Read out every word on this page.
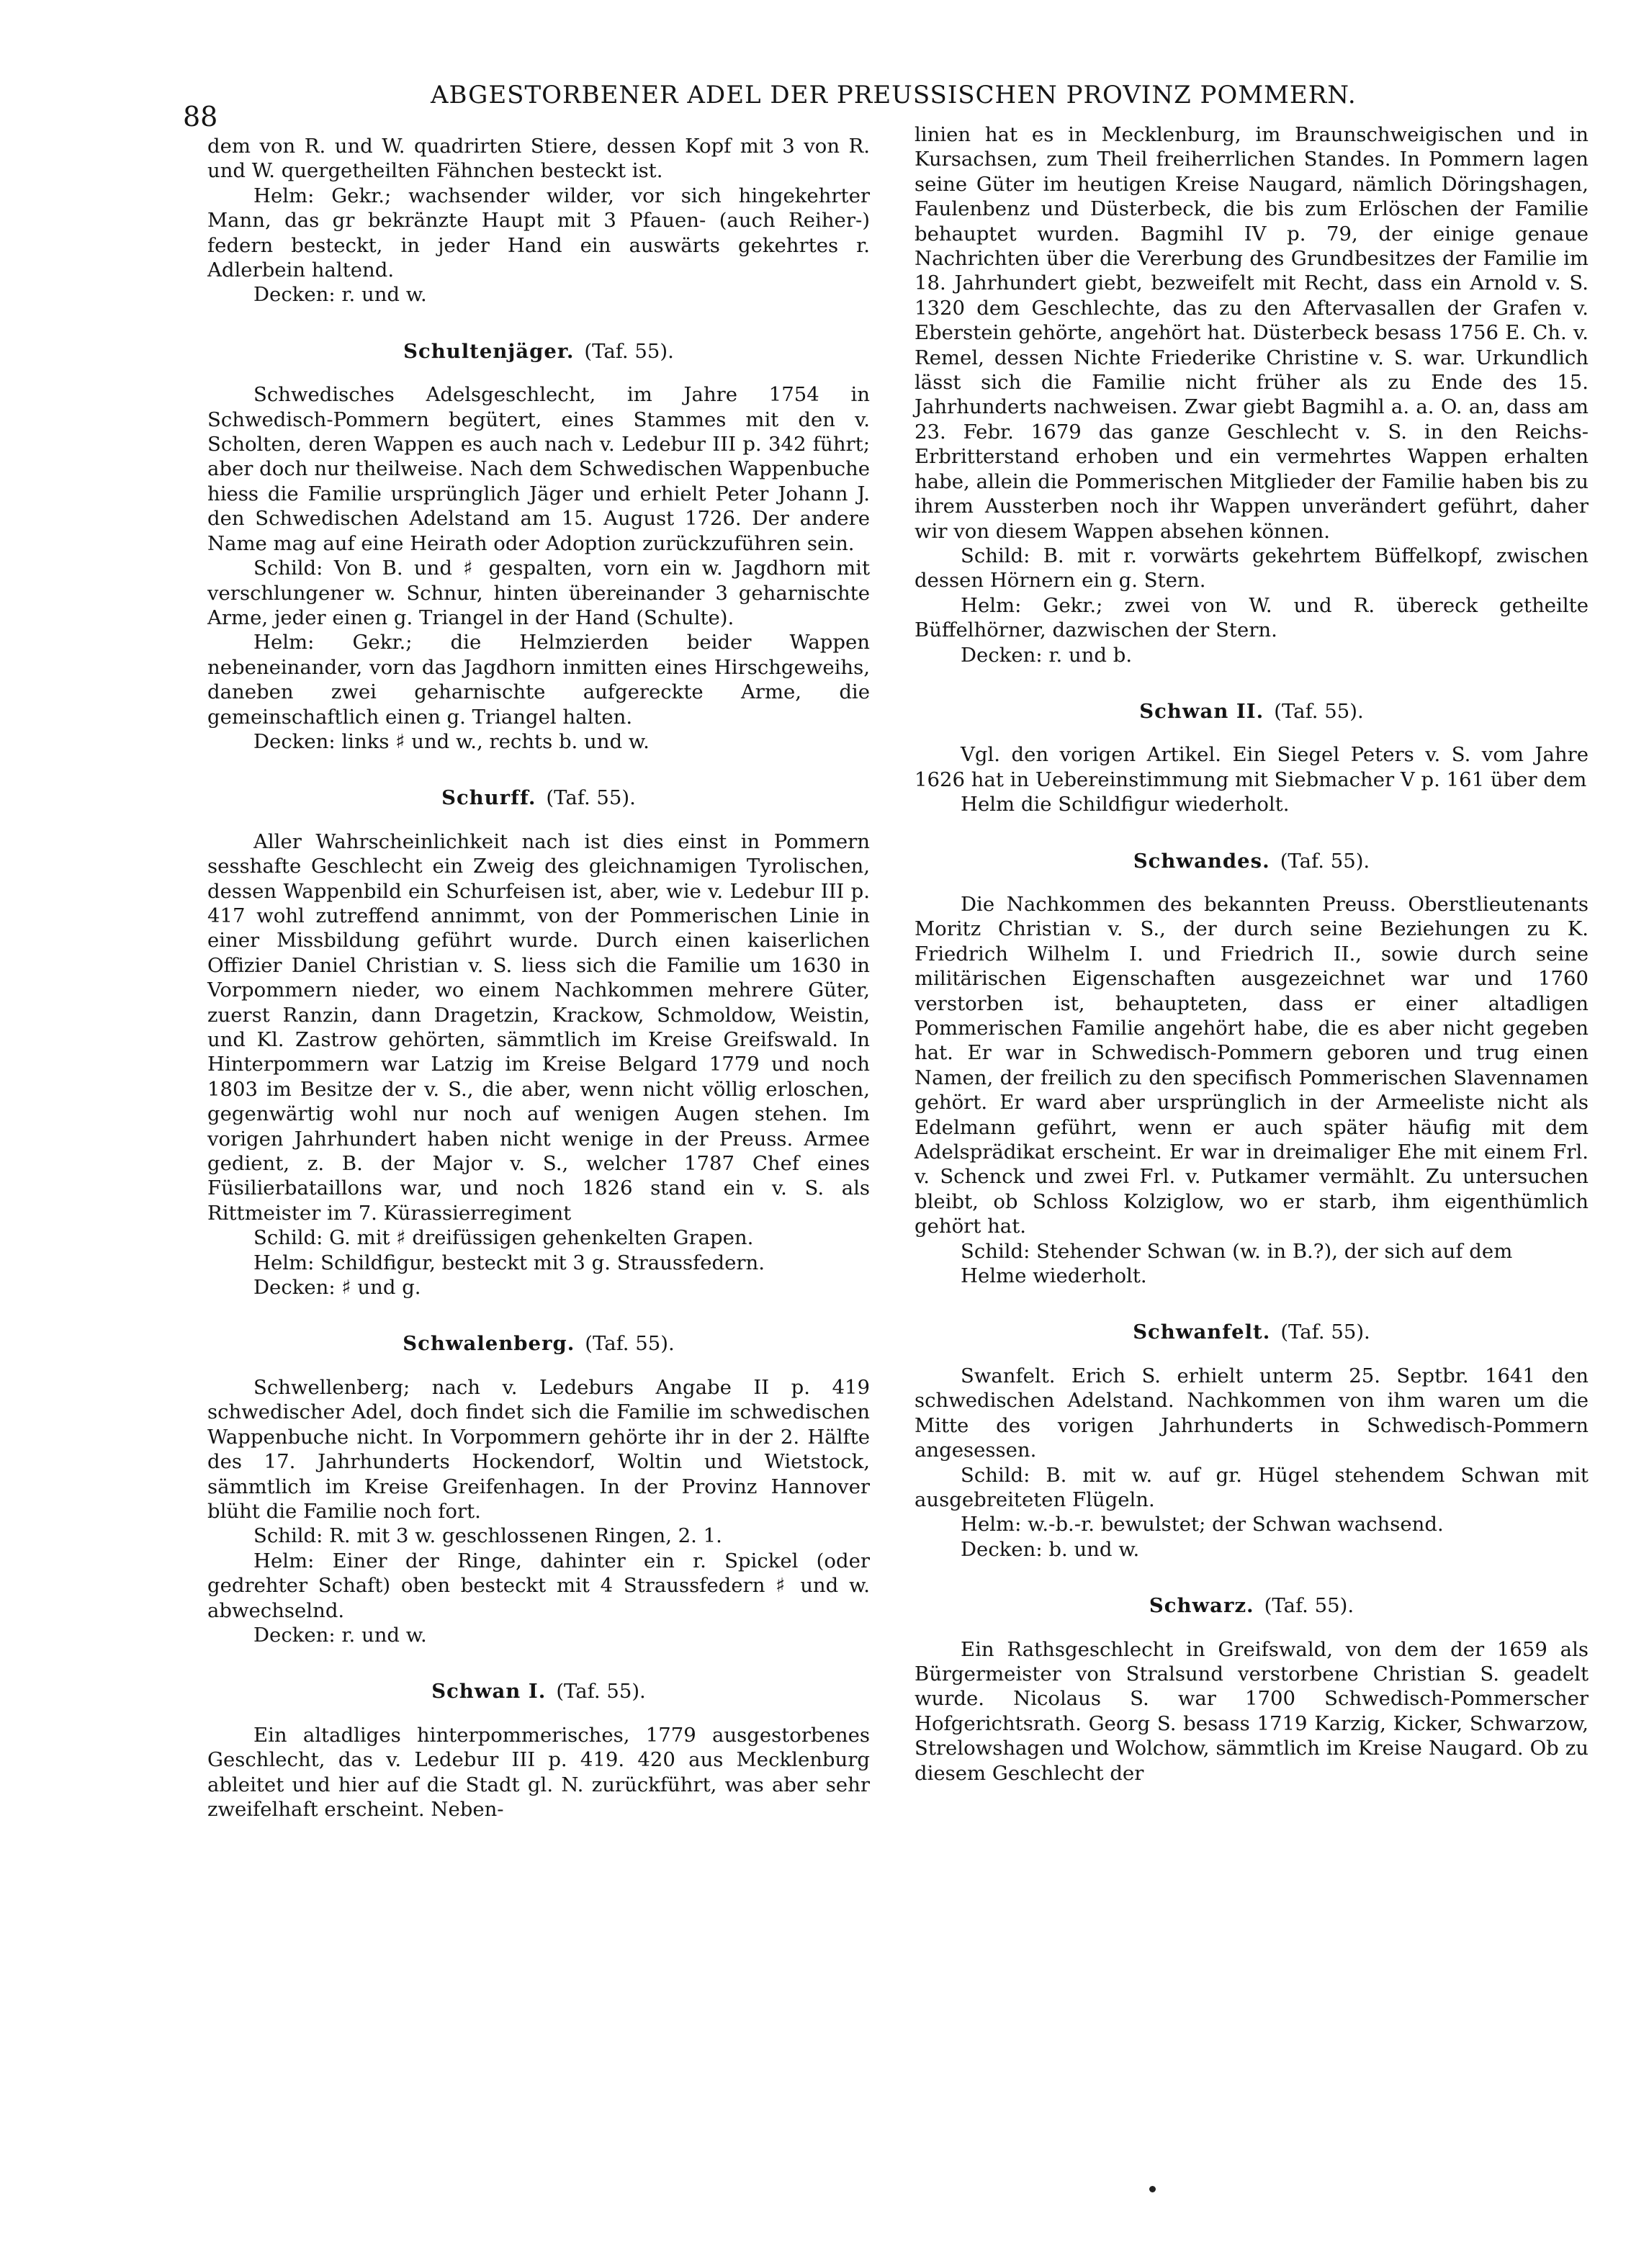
88
ABGESTORBENER ADEL DER PREUSSISCHEN PROVINZ POMMERN.

dem von R. und W. quadrirten Stiere, dessen Kopf mit 3 von R. und W. quergetheilten Fähnchen besteckt ist.

Helm: Gekr.; wachsender wilder, vor sich hingekehrter Mann, das gr bekränzte Haupt mit 3 Pfauen- (auch Reiher-) federn besteckt, in jeder Hand ein auswärts gekehrtes r. Adlerbein haltend.

Decken: r. und w.

Schultenjäger. (Taf. 55).

Schwedisches Adelsgeschlecht, im Jahre 1754 in Schwedisch-Pommern begütert, eines Stammes mit den v. Scholten, deren Wappen es auch nach v. Ledebur III p. 342 führt; aber doch nur theilweise. Nach dem Schwedischen Wappenbuche hiess die Familie ursprünglich Jäger und erhielt Peter Johann J. den Schwedischen Adelstand am 15. August 1726. Der andere Name mag auf eine Heirath oder Adoption zurückzuführen sein.

Schild: Von B. und ♯ gespalten, vorn ein w. Jagdhorn mit verschlungener w. Schnur, hinten übereinander 3 geharnischte Arme, jeder einen g. Triangel in der Hand (Schulte).

Helm: Gekr.; die Helmzierden beider Wappen nebeneinander, vorn das Jagdhorn inmitten eines Hirschgeweihs, daneben zwei geharnischte aufgereckte Arme, die gemeinschaftlich einen g. Triangel halten.

Decken: links ♯ und w., rechts b. und w.

Schurff. (Taf. 55).

Aller Wahrscheinlichkeit nach ist dies einst in Pommern sesshafte Geschlecht ein Zweig des gleichnamigen Tyrolischen, dessen Wappenbild ein Schurfeisen ist, aber, wie v. Ledebur III p. 417 wohl zutreffend annimmt, von der Pommerischen Linie in einer Missbildung geführt wurde. Durch einen kaiserlichen Offizier Daniel Christian v. S. liess sich die Familie um 1630 in Vorpommern nieder, wo einem Nachkommen mehrere Güter, zuerst Ranzin, dann Dragetzin, Krackow, Schmoldow, Weistin, und Kl. Zastrow gehörten, sämmtlich im Kreise Greifswald. In Hinterpommern war Latzig im Kreise Belgard 1779 und noch 1803 im Besitze der v. S., die aber, wenn nicht völlig erloschen, gegenwärtig wohl nur noch auf wenigen Augen stehen. Im vorigen Jahrhundert haben nicht wenige in der Preuss. Armee gedient, z. B. der Major v. S., welcher 1787 Chef eines Füsilierbataillons war, und noch 1826 stand ein v. S. als Rittmeister im 7. Kürassierregiment

Schild: G. mit ♯ dreifüssigen gehenkelten Grapen.

Helm: Schildfigur, besteckt mit 3 g. Straussfedern.

Decken: ♯ und g.

Schwalenberg. (Taf. 55).

Schwellenberg; nach v. Ledeburs Angabe II p. 419 schwedischer Adel, doch findet sich die Familie im schwedischen Wappenbuche nicht. In Vorpommern gehörte ihr in der 2. Hälfte des 17. Jahrhunderts Hockendorf, Woltin und Wietstock, sämmtlich im Kreise Greifenhagen. In der Provinz Hannover blüht die Familie noch fort.

Schild: R. mit 3 w. geschlossenen Ringen, 2. 1.

Helm: Einer der Ringe, dahinter ein r. Spickel (oder gedrehter Schaft) oben besteckt mit 4 Straussfedern ♯ und w. abwechselnd.

Decken: r. und w.

Schwan I. (Taf. 55).

Ein altadliges hinterpommerisches, 1779 ausgestorbenes Geschlecht, das v. Ledebur III p. 419. 420 aus Mecklenburg ableitet und hier auf die Stadt gl. N. zurückführt, was aber sehr zweifelhaft erscheint. Neben-

linien hat es in Mecklenburg, im Braunschweigischen und in Kursachsen, zum Theil freiherrlichen Standes. In Pommern lagen seine Güter im heutigen Kreise Naugard, nämlich Döringshagen, Faulenbenz und Düsterbeck, die bis zum Erlöschen der Familie behauptet wurden. Bagmihl IV p. 79, der einige genaue Nachrichten über die Vererbung des Grundbesitzes der Familie im 18. Jahrhundert giebt, bezweifelt mit Recht, dass ein Arnold v. S. 1320 dem Geschlechte, das zu den Aftervasallen der Grafen v. Eberstein gehörte, angehört hat. Düsterbeck besass 1756 E. Ch. v. Remel, dessen Nichte Friederike Christine v. S. war. Urkundlich lässt sich die Familie nicht früher als zu Ende des 15. Jahrhunderts nachweisen. Zwar giebt Bagmihl a. a. O. an, dass am 23. Febr. 1679 das ganze Geschlecht v. S. in den Reichs-Erbritterstand erhoben und ein vermehrtes Wappen erhalten habe, allein die Pommerischen Mitglieder der Familie haben bis zu ihrem Aussterben noch ihr Wappen unverändert geführt, daher wir von diesem Wappen absehen können.

Schild: B. mit r. vorwärts gekehrtem Büffelkopf, zwischen dessen Hörnern ein g. Stern.

Helm: Gekr.; zwei von W. und R. übereck getheilte Büffelhörner, dazwischen der Stern.

Decken: r. und b.

Schwan II. (Taf. 55).

Vgl. den vorigen Artikel. Ein Siegel Peters v. S. vom Jahre 1626 hat in Uebereinstimmung mit Siebmacher V p. 161 über dem

Helm die Schildfigur wiederholt.

Schwandes. (Taf. 55).

Die Nachkommen des bekannten Preuss. Oberstlieutenants Moritz Christian v. S., der durch seine Beziehungen zu K. Friedrich Wilhelm I. und Friedrich II., sowie durch seine militärischen Eigenschaften ausgezeichnet war und 1760 verstorben ist, behaupteten, dass er einer altadligen Pommerischen Familie angehört habe, die es aber nicht gegeben hat. Er war in Schwedisch-Pommern geboren und trug einen Namen, der freilich zu den specifisch Pommerischen Slavennamen gehört. Er ward aber ursprünglich in der Armeeliste nicht als Edelmann geführt, wenn er auch später häufig mit dem Adelsprädikat erscheint. Er war in dreimaliger Ehe mit einem Frl. v. Schenck und zwei Frl. v. Putkamer vermählt. Zu untersuchen bleibt, ob Schloss Kolziglow, wo er starb, ihm eigenthümlich gehört hat.

Schild: Stehender Schwan (w. in B.?), der sich auf dem

Helme wiederholt.

Schwanfelt. (Taf. 55).

Swanfelt. Erich S. erhielt unterm 25. Septbr. 1641 den schwedischen Adelstand. Nachkommen von ihm waren um die Mitte des vorigen Jahrhunderts in Schwedisch-Pommern angesessen.

Schild: B. mit w. auf gr. Hügel stehendem Schwan mit ausgebreiteten Flügeln.

Helm: w.-b.-r. bewulstet; der Schwan wachsend.

Decken: b. und w.

Schwarz. (Taf. 55).

Ein Rathsgeschlecht in Greifswald, von dem der 1659 als Bürgermeister von Stralsund verstorbene Christian S. geadelt wurde. Nicolaus S. war 1700 Schwedisch-Pommerscher Hofgerichtsrath. Georg S. besass 1719 Karzig, Kicker, Schwarzow, Strelowshagen und Wolchow, sämmtlich im Kreise Naugard. Ob zu diesem Geschlecht der
